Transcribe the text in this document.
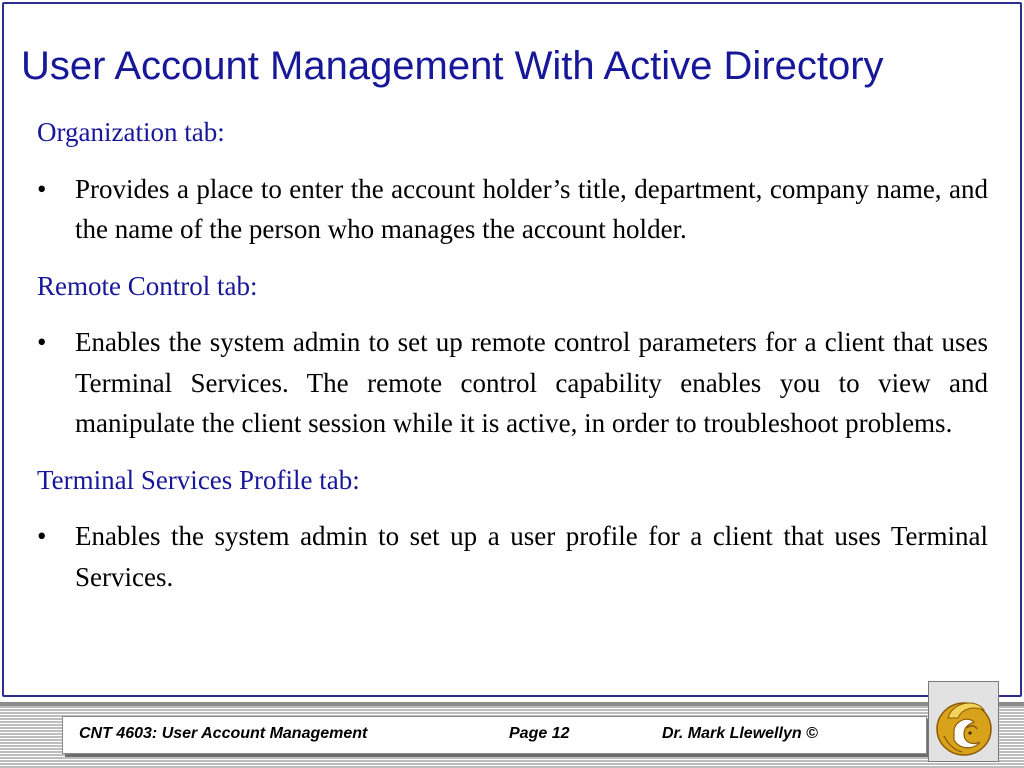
User Account Management With Active Directory

Organization tab:

• Provides a place to enter the account holder’s title, department, company name, and the name of the person who manages the account holder.

Remote Control tab:

• Enables the system admin to set up remote control parameters for a client that uses Terminal Services. The remote control capability enables you to view and manipulate the client session while it is active, in order to troubleshoot problems.

Terminal Services Profile tab:

• Enables the system admin to set up a user profile for a client that uses Terminal Services.

CNT 4603: User Account Management	Page 12	Dr. Mark Llewellyn ©
